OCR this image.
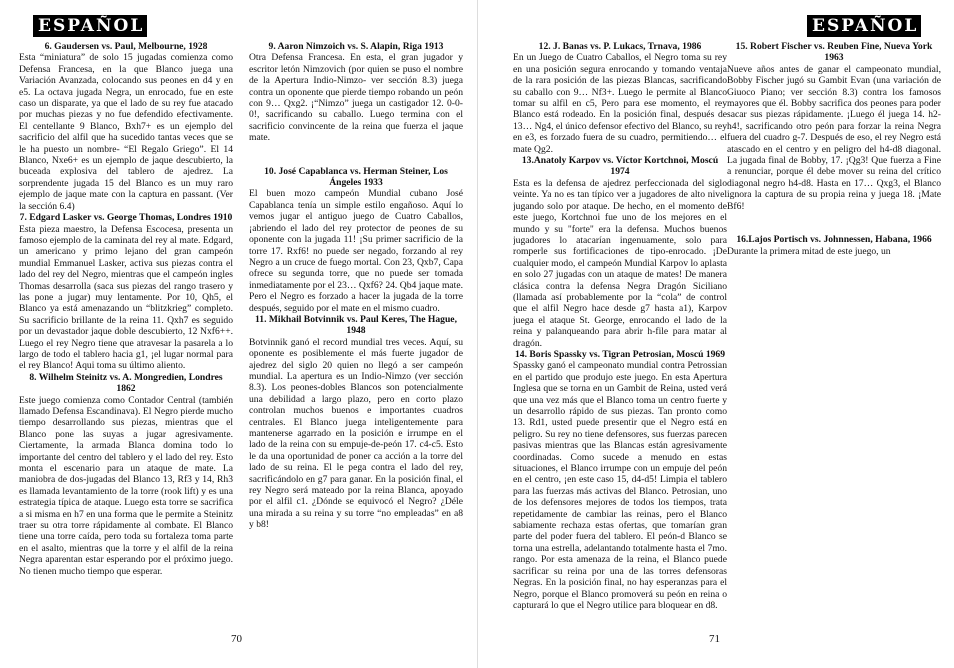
ESPAÑOL

6. Gaudersen vs. Paul, Melbourne, 1928

Esta “miniatura” de solo 15 jugadas comienza como Defensa Francesa, en la que Blanco juega una Variación Avanzada, colocando sus peones en d4 y en e5. La octava jugada Negra, un enrocado, fue en este caso un disparate, ya que el lado de su rey fue atacado por muchas piezas y no fue defendido efectivamente. El centellante 9 Blanco, Bxh7+ es un ejemplo del sacrificio del alfil que ha sucedido tantas veces que se le ha puesto un nombre- “El Regalo Griego”. El 14 Blanco, Nxe6+ es un ejemplo de jaque descubierto, la buceada explosiva del tablero de ajedrez. La sorprendente jugada 15 del Blanco es un muy raro ejemplo de jaque mate con la captura en passant. (Ver la sección 6.4)

7. Edgard Lasker vs. George Thomas, Londres 1910

Esta pieza maestro, la Defensa Escocesa, presenta un famoso ejemplo de la caminata del rey al mate. Edgard, un americano y primo lejano del gran campeón mundial Emmanuel Lasker, activa sus piezas contra el lado del rey del Negro, mientras que el campeón ingles Thomas desarrolla (saca sus piezas del rango trasero y las pone a jugar) muy lentamente. Por 10, Qh5, el Blanco ya está amenazando un “blitzkrieg” completo. Su sacrificio brillante de la reina 11. Qxh7 es seguido por un devastador jaque doble descubierto, 12 Nxf6++. Luego el rey Negro tiene que atravesar la pasarela a lo largo de todo el tablero hacia g1, ¡el lugar normal para el rey Blanco! Aqui toma su último aliento.

8. Wilhelm Steinitz vs. A. Mongredien, Londres 1862

Este juego comienza como Contador Central (también llamado Defensa Escandinava). El Negro pierde mucho tiempo desarrollando sus piezas, mientras que el Blanco pone las suyas a jugar agresivamente. Ciertamente, la armada Blanca domina todo lo importante del centro del tablero y el lado del rey. Esto monta el escenario para un ataque de mate. La maniobra de dos-jugadas del Blanco 13, Rf3 y 14, Rh3 es llamada levantamiento de la torre (rook lift) y es una estrategia típica de ataque. Luego esta torre se sacrifica a si misma en h7 en una forma que le permite a Steinitz traer su otra torre rápidamente al combate. El Blanco tiene una torre caída, pero toda su fortaleza toma parte en el asalto, mientras que la torre y el alfil de la reina Negra aparentan estar esperando por el próximo juego. No tienen mucho tiempo que esperar.

9. Aaron Nimzoich vs. S. Alapin, Riga 1913

Otra Defensa Francesa. En esta, el gran jugador y escritor letón Nimzovich (por quien se puso el nombre de la Apertura Indio-Nimzo- ver sección 8.3) juega contra un oponente que pierde tiempo robando un peón con 9… Qxg2. ¡“Nimzo” juega un castigador 12. 0-0-0!, sacrificando su caballo. Luego termina con el sacrificio convincente de la reina que fuerza el jaque mate.

10. José Capablanca vs. Herman Steiner, Los Ángeles 1933

El buen mozo campeón Mundial cubano José Capablanca tenía un simple estilo engañoso. Aquí lo vemos jugar el antiguo juego de Cuatro Caballos, ¡abriendo el lado del rey protector de peones de su oponente con la jugada 11! ¡Su primer sacrificio de la torre 17. Rxf6! no puede ser negado, forzando al rey Negro a un cruce de fuego mortal. Con 23, Qxb7, Capa ofrece su segunda torre, que no puede ser tomada inmediatamente por el 23… Qxf6? 24. Qb4 jaque mate. Pero el Negro es forzado a hacer la jugada de la torre después, seguido por el mate en el mismo cuadro.

11. Mikhail Botvinnik vs. Paul Keres, The Hague, 1948

Botvinnik ganó el record mundial tres veces. Aquí, su oponente es posiblemente el más fuerte jugador de ajedrez del siglo 20 quien no llegó a ser campeón mundial. La apertura es un Indio-Nimzo (ver sección 8.3). Los peones-dobles Blancos son potencialmente una debilidad a largo plazo, pero en corto plazo controlan muchos buenos e importantes cuadros centrales. El Blanco juega inteligentemente para mantenerse agarrado en la posición e irrumpe en el lado de la reina con su empuje-de-peón 17. c4-c5. Esto le da una oportunidad de poner ca acción a la torre del lado de su reina. El le pega contra el lado del rey, sacrificándolo en g7 para ganar. En la posición final, el rey Negro será mateado por la reina Blanca, apoyado por el alfil c1. ¿Dónde se equivocó el Negro? ¿Déle una mirada a su reina y su torre “no empleadas” en a8 y b8!

70
ESPAÑOL

12. J. Banas vs. P. Lukacs, Trnava, 1986

En un Juego de Cuatro Caballos, el Negro toma su rey en una posición segura enrocando y tomando ventaja de la rara posición de las piezas Blancas, sacrificando su caballo con 9… Nf3+. Luego le permite al Blanco tomar su alfil en c5, Pero para ese momento, el rey Blanco está rodeado. En la posición final, después de 13… Ng4, el único defensor efectivo del Blanco, su rey en e3, es forzado fuera de su cuadro, permitiendo… el mate Qg2.

13.Anatoly Karpov vs. Víctor Kortchnoi, Moscú 1974

Esta es la defensa de ajedrez perfeccionada del siglo veinte. Ya no es tan típico ver a jugadores de alto nivel jugando solo por ataque. De hecho, en el momento de este juego, Kortchnoi fue uno de los mejores en el mundo y su "forte" era la defensa. Muchos buenos jugadores lo atacarían ingenuamente, solo para romperle sus fortificaciones de tipo-enrocado. ¡De cualquier modo, el campeón Mundial Karpov lo aplasta en solo 27 jugadas con un ataque de mates! De manera clásica contra la defensa Negra Dragón Siciliano (llamada así probablemente por la “cola” de control que el alfil Negro hace desde g7 hasta a1), Karpov juega el ataque St. George, enrocando el lado de la reina y palanqueando para abrir h-file para matar al dragón.

14. Boris Spassky vs. Tigran Petrosian, Moscú 1969

Spassky ganó el campeonato mundial contra Petrossian en el partido que produjo este juego. En esta Apertura Inglesa que se torna en un Gambit de Reina, usted verá que una vez más que el Blanco toma un centro fuerte y un desarrollo rápido de sus piezas. Tan pronto como 13. Rd1, usted puede presentir que el Negro está en peligro. Su rey no tiene defensores, sus fuerzas parecen pasivas mientras que las Blancas están agresivamente coordinadas. Como sucede a menudo en estas situaciones, el Blanco irrumpe con un empuje del peón en el centro, ¡en este caso 15, d4-d5! Limpia el tablero para las fuerzas más activas del Blanco. Petrosian, uno de los defensores mejores de todos los tiempos, trata repetidamente de cambiar las reinas, pero el Blanco sabiamente rechaza estas ofertas, que tomarían gran parte del poder fuera del tablero. El peón-d Blanco se torna una estrella, adelantando totalmente hasta el 7mo. rango. Por esta amenaza de la reina, el Blanco puede sacrificar su reina por una de las torres defensoras Negras. En la posición final, no hay esperanzas para el Negro, porque el Blanco promoverá su peón en reina o capturará lo que el Negro utilice para bloquear en d8.

15. Robert Fischer vs. Reuben Fine, Nueva York 1963

Nueve años antes de ganar el campeonato mundial, Bobby Fischer jugó su Gambit Evan (una variación de Giuoco Piano; ver sección 8.3) contra los famosos mayores que él. Bobby sacrifica dos peones para poder sacar sus piezas rápidamente. ¡Luego él juega 14. h2-h4!, sacrificando otro peón para forzar la reina Negra fuera del cuadro g-7. Después de eso, el rey Negro está atascado en el centro y en peligro del h4-d8 diagonal. La jugada final de Bobby, 17. ¡Qg3! Que fuerza a Fine a renunciar, porque él debe mover su reina del crítico diagonal negro h4-d8. Hasta en 17… Qxg3, el Blanco ignora la captura de su propia reina y juega 18. ¡Mate Bf6!

16.Lajos Portisch vs. Johnnessen, Habana, 1966

Durante la primera mitad de este juego, un

71
